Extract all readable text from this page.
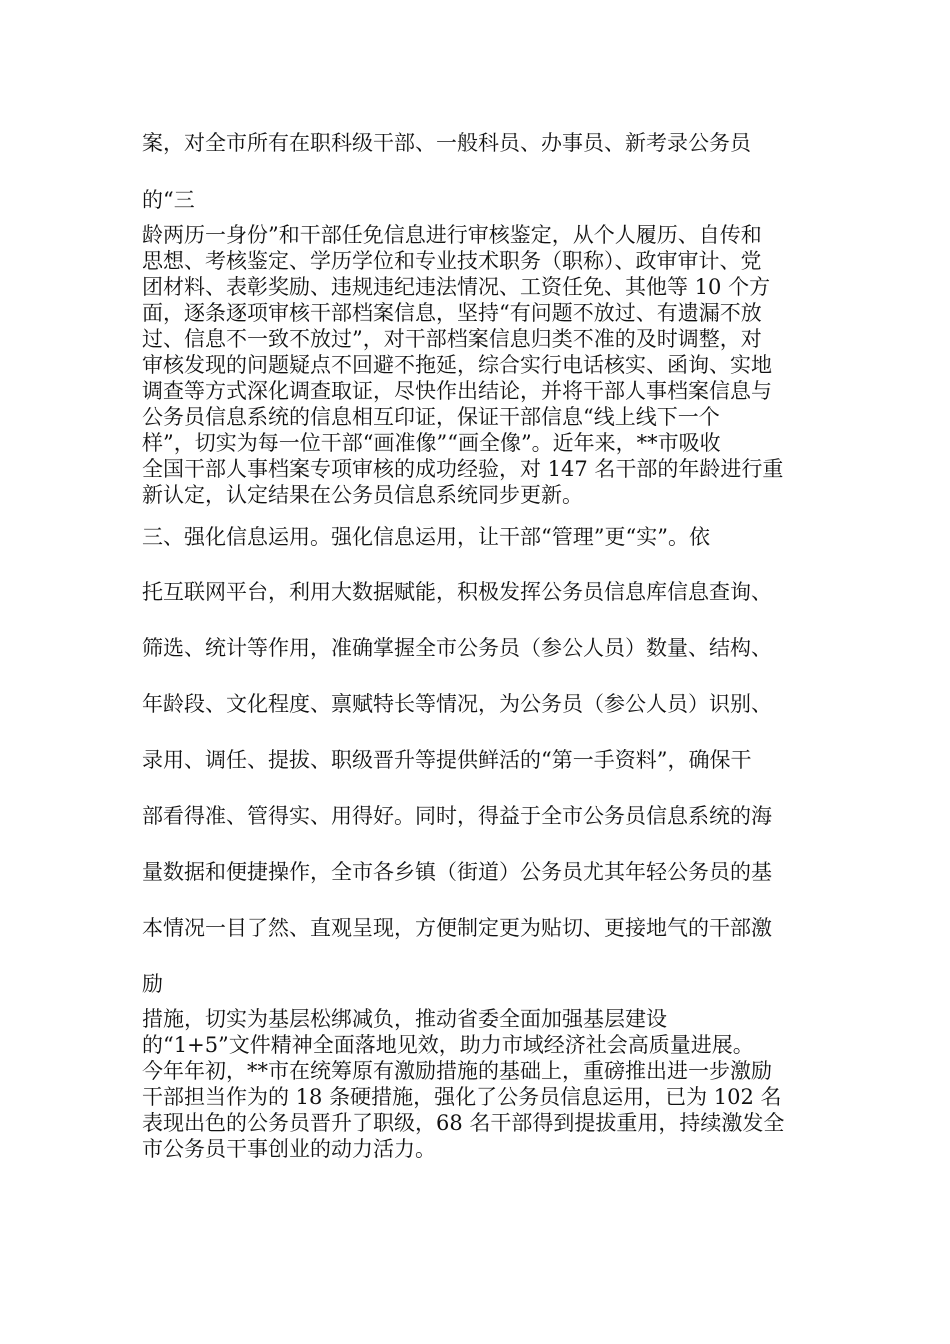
案，对全市所有在职科级干部、一般科员、办事员、新考录公务员

的“三

龄两历一身份”和干部任免信息进行审核鉴定，从个人履历、自传和

思想、考核鉴定、学历学位和专业技术职务（职称）、政审审计、党

团材料、表彰奖励、违规违纪违法情况、工资任免、其他等 10 个方

面，逐条逐项审核干部档案信息，坚持“有问题不放过、有遗漏不放

过、信息不一致不放过”，对干部档案信息归类不准的及时调整，对

审核发现的问题疑点不回避不拖延，综合实行电话核实、函询、实地

调查等方式深化调查取证，尽快作出结论，并将干部人事档案信息与

公务员信息系统的信息相互印证，保证干部信息“线上线下一个

样”，切实为每一位干部“画准像”“画全像”。近年来，**市吸收

全国干部人事档案专项审核的成功经验，对 147 名干部的年龄进行重

新认定，认定结果在公务员信息系统同步更新。

三、强化信息运用。强化信息运用，让干部“管理”更“实”。依

托互联网平台，利用大数据赋能，积极发挥公务员信息库信息查询、

筛选、统计等作用，准确掌握全市公务员（参公人员）数量、结构、

年龄段、文化程度、禀赋特长等情况，为公务员（参公人员）识别、

录用、调任、提拔、职级晋升等提供鲜活的“第一手资料”，确保干

部看得准、管得实、用得好。同时，得益于全市公务员信息系统的海

量数据和便捷操作，全市各乡镇（街道）公务员尤其年轻公务员的基

本情况一目了然、直观呈现，方便制定更为贴切、更接地气的干部激

励

措施，切实为基层松绑减负，推动省委全面加强基层建设

的“1+5”文件精神全面落地见效，助力市域经济社会高质量进展。

今年年初，**市在统筹原有激励措施的基础上，重磅推出进一步激励

干部担当作为的 18 条硬措施，强化了公务员信息运用，已为 102 名

表现出色的公务员晋升了职级，68 名干部得到提拔重用，持续激发全

市公务员干事创业的动力活力。
